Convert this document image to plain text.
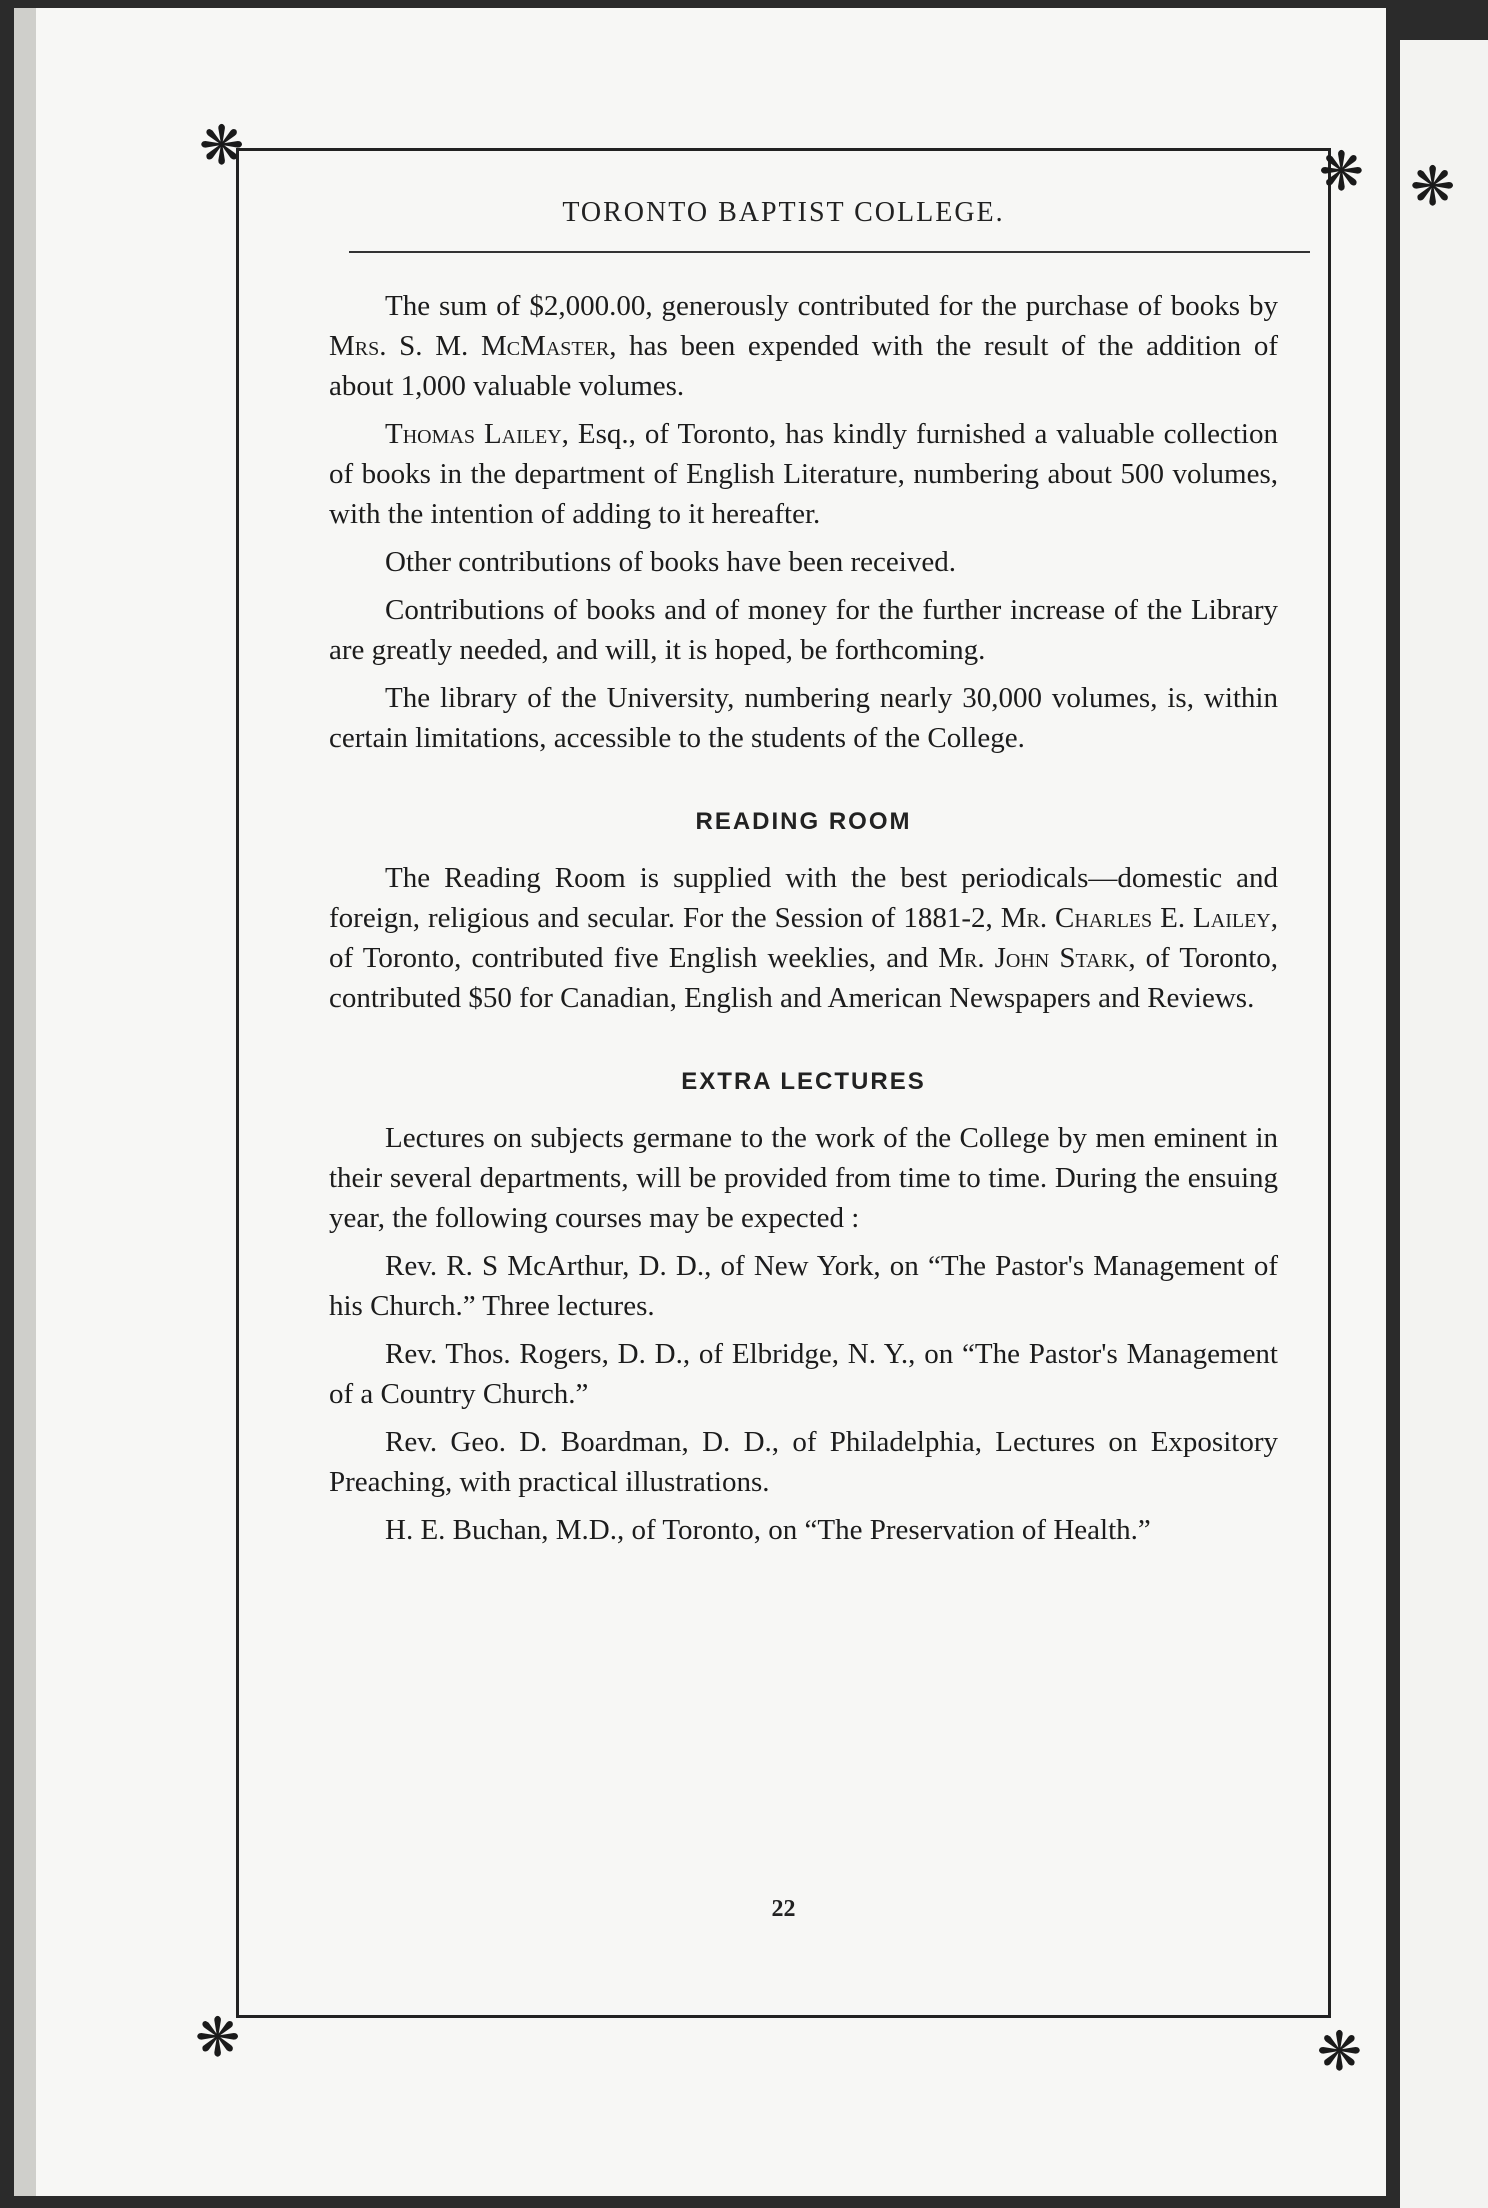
❋	❋
❋	❋
TORONTO BAPTIST COLLEGE.

The sum of $2,000.00, generously contributed for the purchase of books by Mrs. S. M. McMaster, has been expended with the result of the addition of about 1,000 valuable volumes.

Thomas Lailey, Esq., of Toronto, has kindly furnished a valuable collection of books in the department of English Literature, numbering about 500 volumes, with the intention of adding to it hereafter.

Other contributions of books have been received.

Contributions of books and of money for the further increase of the Library are greatly needed, and will, it is hoped, be forthcoming.

The library of the University, numbering nearly 30,000 volumes, is, within certain limitations, accessible to the students of the College.

READING ROOM

The Reading Room is supplied with the best periodicals—domestic and foreign, religious and secular. For the Session of 1881-2, Mr. Charles E. Lailey, of Toronto, contributed five English weeklies, and Mr. John Stark, of Toronto, contributed $50 for Canadian, English and American Newspapers and Reviews.

EXTRA LECTURES

Lectures on subjects germane to the work of the College by men eminent in their several departments, will be provided from time to time. During the ensuing year, the following courses may be expected :

Rev. R. S McArthur, D. D., of New York, on “The Pastor's Management of his Church.” Three lectures.

Rev. Thos. Rogers, D. D., of Elbridge, N. Y., on “The Pastor's Management of a Country Church.”

Rev. Geo. D. Boardman, D. D., of Philadelphia, Lectures on Expository Preaching, with practical illustrations.

H. E. Buchan, M.D., of Toronto, on “The Preservation of Health.”

22
❋
